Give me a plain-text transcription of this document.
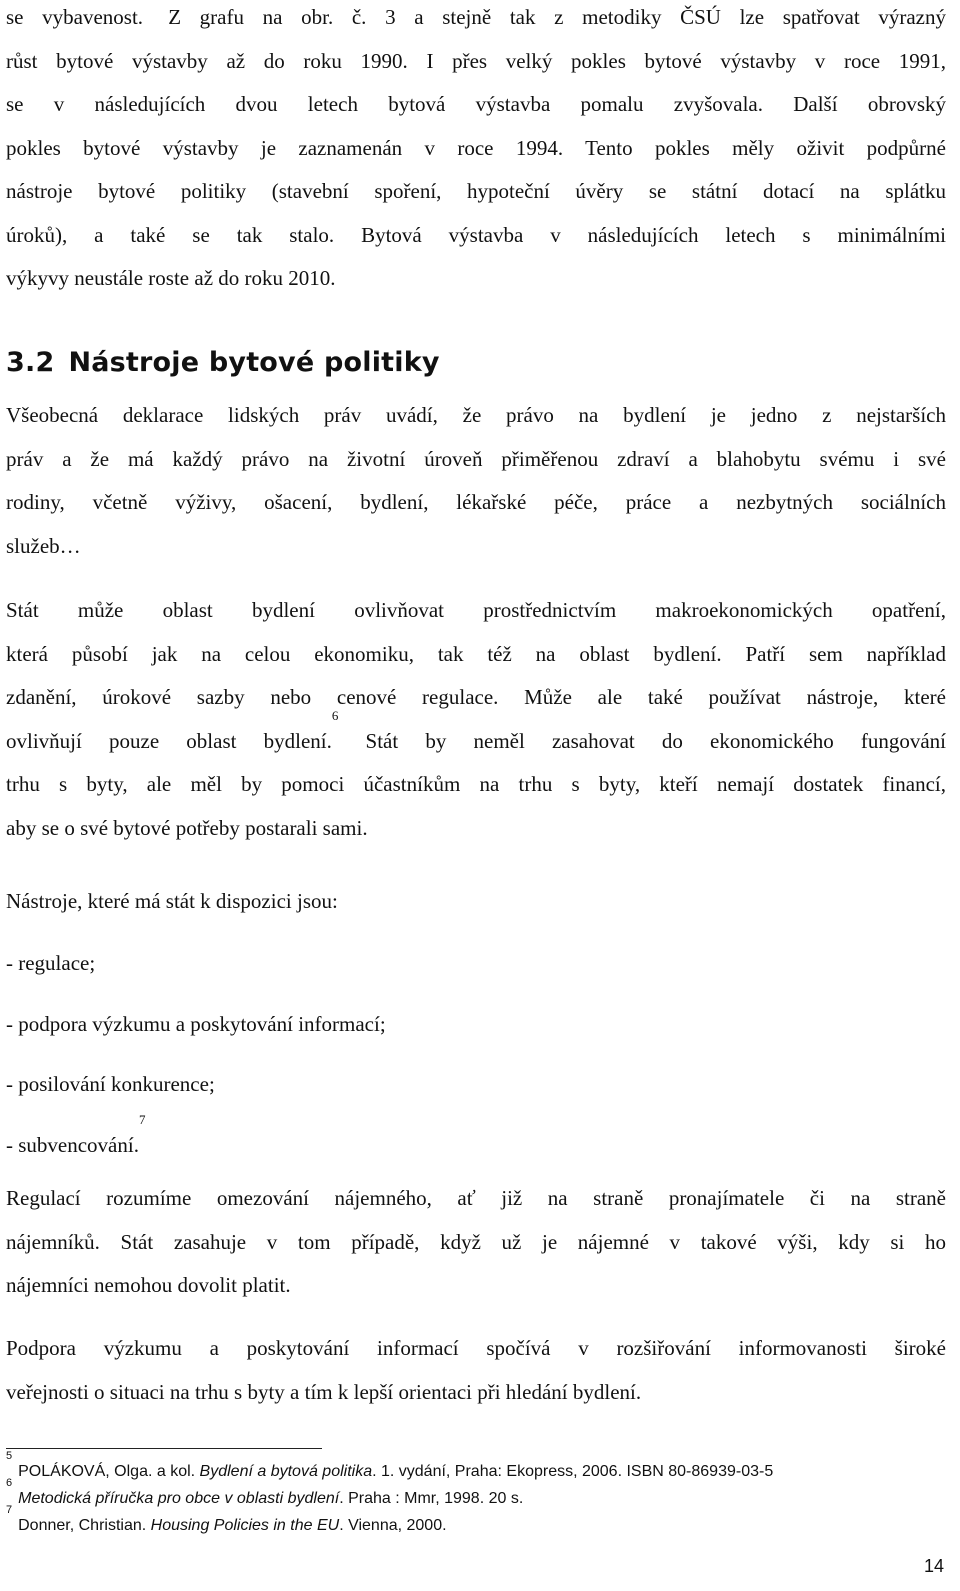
se vybavenost. Z grafu na obr. č. 3 a stejně tak z metodiky ČSÚ lze spatřovat výrazný
růst bytové výstavby až do roku 1990. I přes velký pokles bytové výstavby v roce 1991,
se v následujících dvou letech bytová výstavba pomalu zvyšovala. Další obrovský
pokles bytové výstavby je zaznamenán v roce 1994. Tento pokles měly oživit podpůrné
nástroje bytové politiky (stavební spoření, hypoteční úvěry se státní dotací na splátku
úroků), a také se tak stalo. Bytová výstavba v následujících letech s minimálními
výkyvy neustále roste až do roku 2010.
3.2 Nástroje bytové politiky
Všeobecná deklarace lidských práv uvádí, že právo na bydlení je jedno z nejstarších
práv a že má každý právo na životní úroveň přiměřenou zdraví a blahobytu svému i své
rodiny, včetně výživy, ošacení, bydlení, lékařské péče, práce a nezbytných sociálních
služeb…
Stát může oblast bydlení ovlivňovat prostřednictvím makroekonomických opatření,
která působí jak na celou ekonomiku, tak též na oblast bydlení. Patří sem například
zdanění, úrokové sazby nebo cenové regulace. Může ale také používat nástroje, které
ovlivňují pouze oblast bydlení.$^6$ Stát by neměl zasahovat do ekonomického fungování
trhu s byty, ale měl by pomoci účastníkům na trhu s byty, kteří nemají dostatek financí,
aby se o své bytové potřeby postarali sami.
Nástroje, které má stát k dispozici jsou:
- regulace;
- podpora výzkumu a poskytování informací;
- posilování konkurence;
- subvencování.$^7$
Regulací rozumíme omezování nájemného, ať již na straně pronajímatele či na straně
nájemníků. Stát zasahuje v tom případě, když už je nájemné v takové výši, kdy si ho
nájemníci nemohou dovolit platit.
Podpora výzkumu a poskytování informací spočívá v rozšiřování informovanosti široké
veřejnosti o situaci na trhu s byty a tím k lepší orientaci při hledání bydlení.
$^5$POLÁKOVÁ, Olga. a kol. Bydlení a bytová politika. 1. vydání, Praha: Ekopress, 2006. ISBN 80-86939-03-5
$^6$Metodická příručka pro obce v oblasti bydlení. Praha : Mmr, 1998. 20 s.
$^7$Donner, Christian. Housing Policies in the EU. Vienna, 2000.
14
